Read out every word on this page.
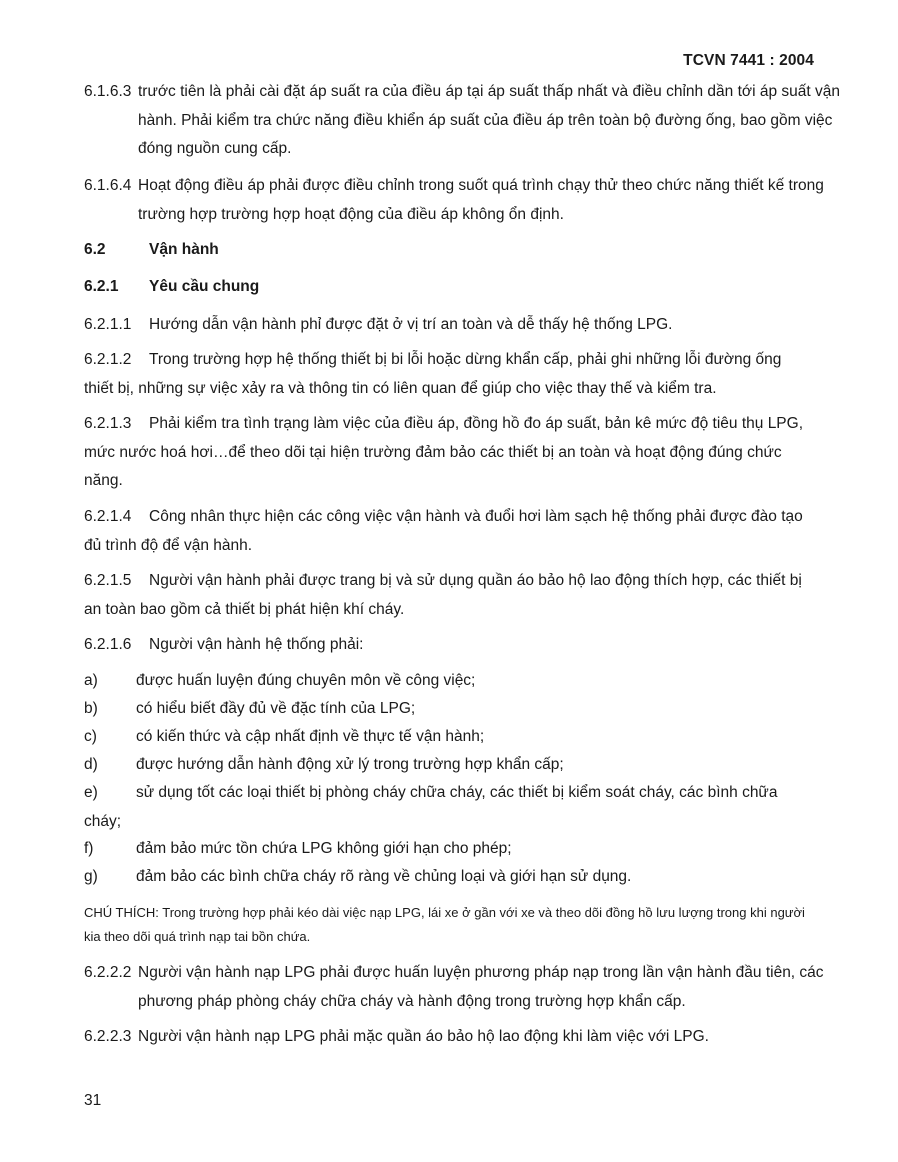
TCVN 7441 : 2004
6.1.6.3 trước tiên là phải cài đặt áp suất ra của điều áp tại áp suất thấp nhất và điều chỉnh dần tới áp suất vận hành. Phải kiểm tra chức năng điều khiển áp suất của điều áp trên toàn bộ đường ống, bao gồm việc đóng nguồn cung cấp.
6.1.6.4 Hoạt động điều áp phải được điều chỉnh trong suốt quá trình chạy thử theo chức năng thiết kế trong trường hợp trường hợp hoạt động của điều áp không ổn định.
6.2	Vận hành
6.2.1 Yêu cầu chung
6.2.1.1 Hướng dẫn vận hành phỉ được đặt ở vị trí an toàn và dễ thấy hệ thống LPG.
6.2.1.2 Trong trường hợp hệ thống thiết bị bi lỗi hoặc dừng khẩn cấp, phải ghi những lỗi đường ống thiết bị, những sự việc xảy ra và thông tin có liên quan để giúp cho việc thay thế và kiểm tra.
6.2.1.3 Phải kiểm tra tình trạng làm việc của điều áp, đồng hồ đo áp suất, bản kê mức độ tiêu thụ LPG, mức nước hoá hơi…để theo dõi tại hiện trường đảm bảo các thiết bị an toàn và hoạt động đúng chức năng.
6.2.1.4 Công nhân thực hiện các công việc vận hành và đuổi hơi làm sạch hệ thống phải được đào tạo đủ trình độ để vận hành.
6.2.1.5 Người vận hành phải được trang bị và sử dụng quần áo bảo hộ lao động thích hợp, các thiết bị an toàn bao gồm cả thiết bị phát hiện khí cháy.
6.2.1.6 Người vận hành hệ thống phải:
a) được huấn luyện đúng chuyên môn về công việc;
b) có hiểu biết đầy đủ về đặc tính của LPG;
c)	có kiến thức và cập nhất định về thực tế vận hành;
d) được hướng dẫn hành động xử lý trong trường hợp khẩn cấp;
e) sử dụng tốt các loại thiết bị phòng cháy chữa cháy, các thiết bị kiểm soát cháy, các bình chữa cháy;
f)	đảm bảo mức tồn chứa LPG không giới hạn cho phép;
g) đảm bảo các bình chữa cháy rõ ràng về chủng loại và giới hạn sử dụng.
CHÚ THÍCH: Trong trường hợp phải kéo dài việc nạp LPG, lái xe ở gần với xe và theo dõi đồng hồ lưu lượng trong khi người kia theo dõi quá trình nạp tai bồn chứa.
6.2.2.2 Người vận hành nạp LPG phải được huấn luyện phương pháp nạp trong lần vận hành đầu tiên, các phương pháp phòng cháy chữa cháy và hành động trong trường hợp khẩn cấp.
6.2.2.3 Người vận hành nạp LPG phải mặc quần áo bảo hộ lao động khi làm việc với LPG.
31
